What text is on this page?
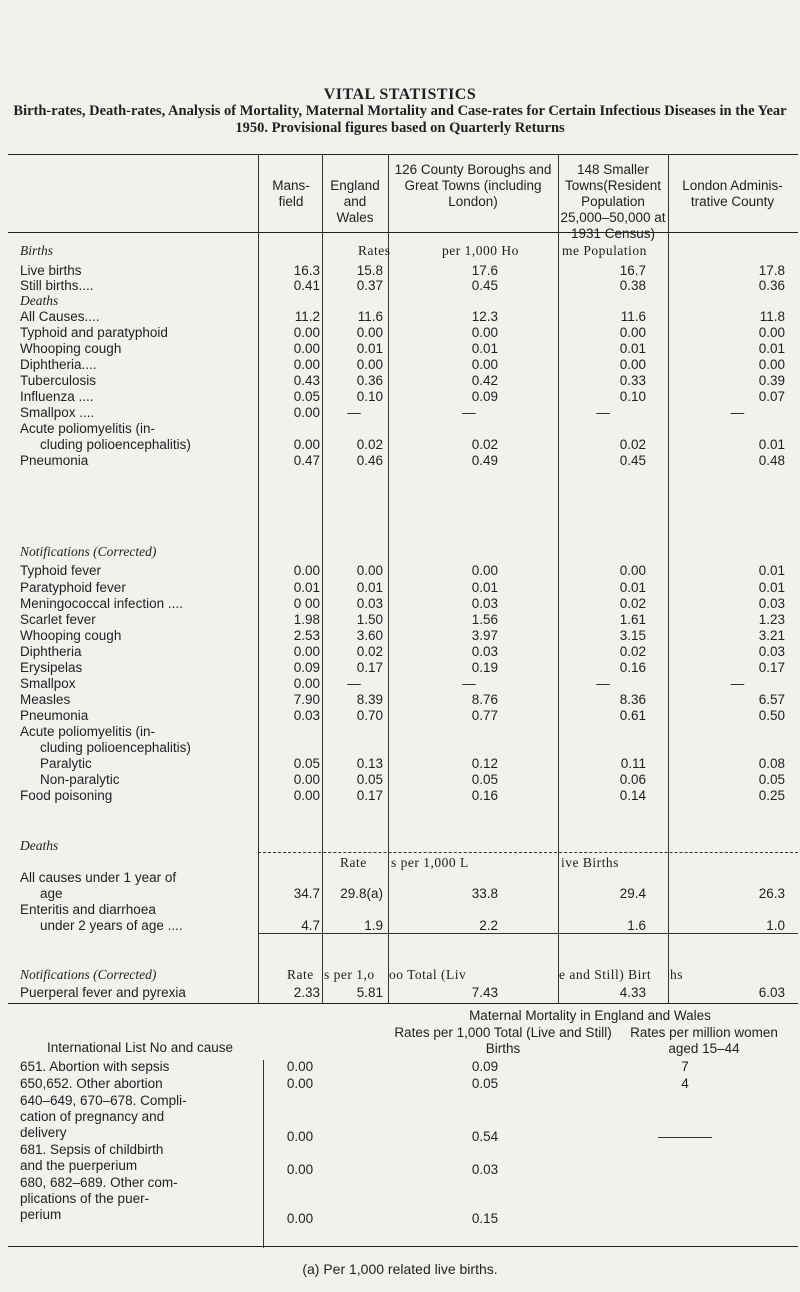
VITAL STATISTICS
Birth-rates, Death-rates, Analysis of Mortality, Maternal Mortality and Case-rates for Certain Infectious Diseases in the Year 1950. Provisional figures based on Quarterly Returns
Mans- field
England and Wales
126 County Boroughs and Great Towns (including London)
148 Smaller Towns(Resident Population 25,000–50,000 at 1931 Census)
London Adminis- trative County
Rates	per 1,000 Ho	me Population
Births
Live births	16.3	15.8	17.6	16.7	17.8
Still births....	0.41	0.37	0.45	0.38	0.36
All Causes....	11.2	11.6	12.3	11.6	11.8
Typhoid and paratyphoid	0.00	0.00	0.00	0.00	0.00
Whooping cough	0.00	0.01	0.01	0.01	0.01
Diphtheria....	0.00	0.00	0.00	0.00	0.00
Tuberculosis	0.43	0.36	0.42	0.33	0.39
Influenza ....	0.05	0.10	0.09	0.10	0.07
Smallpox ....	0.00	—	—	—	—
Acute poliomyelitis (in-
cluding polioencephalitis)	0.00	0.02	0.02	0.02	0.01
Pneumonia	0.47	0.46	0.49	0.45	0.48
Typhoid fever	0.00	0.00	0.00	0.00	0.01
Paratyphoid fever	0.01	0.01	0.01	0.01	0.01
Meningococcal infection ....	0 00	0.03	0.03	0.02	0.03
Scarlet fever	1.98	1.50	1.56	1.61	1.23
Whooping cough	2.53	3.60	3.97	3.15	3.21
Diphtheria	0.00	0.02	0.03	0.02	0.03
Erysipelas	0.09	0.17	0.19	0.16	0.17
Smallpox	0.00	—	—	—	—
Measles	7.90	8.39	8.76	8.36	6.57
Pneumonia	0.03	0.70	0.77	0.61	0.50
Acute poliomyelitis (in-
cluding polioencephalitis)
Paralytic	0.05	0.13	0.12	0.11	0.08
Non-paralytic	0.00	0.05	0.05	0.06	0.05
Food poisoning	0.00	0.17	0.16	0.14	0.25
All causes under 1 year of
age	34.7	29.8(a)	33.8	29.4	26.3
Enteritis and diarrhoea
under 2 years of age ....	4.7	1.9	2.2	1.6	1.0
Puerperal fever and pyrexia	2.33	5.81	7.43	4.33	6.03
Deaths
Notifications (Corrected)
Deaths
Rate s per 1,000 L	ive Births
Notifications (Corrected)	Rate s per 1,o oo Total (Liv	e and Still) Birt hs
International List No and cause
Maternal Mortality in England and Wales
Rates per 1,000 Total (Live and Still) Births
Rates per million women aged 15–44
651. Abortion with sepsis	0.00	0.09	7
650,652. Other abortion	0.00	0.05	4
640–649, 670–678. Compli-
cation of pregnancy and
delivery	0.00	0.54	————
681. Sepsis of childbirth
and the puerperium	0.00	0.03
680, 682–689. Other com-
plications of the puer-
perium	0.00	0.15
(a) Per 1,000 related live births.
